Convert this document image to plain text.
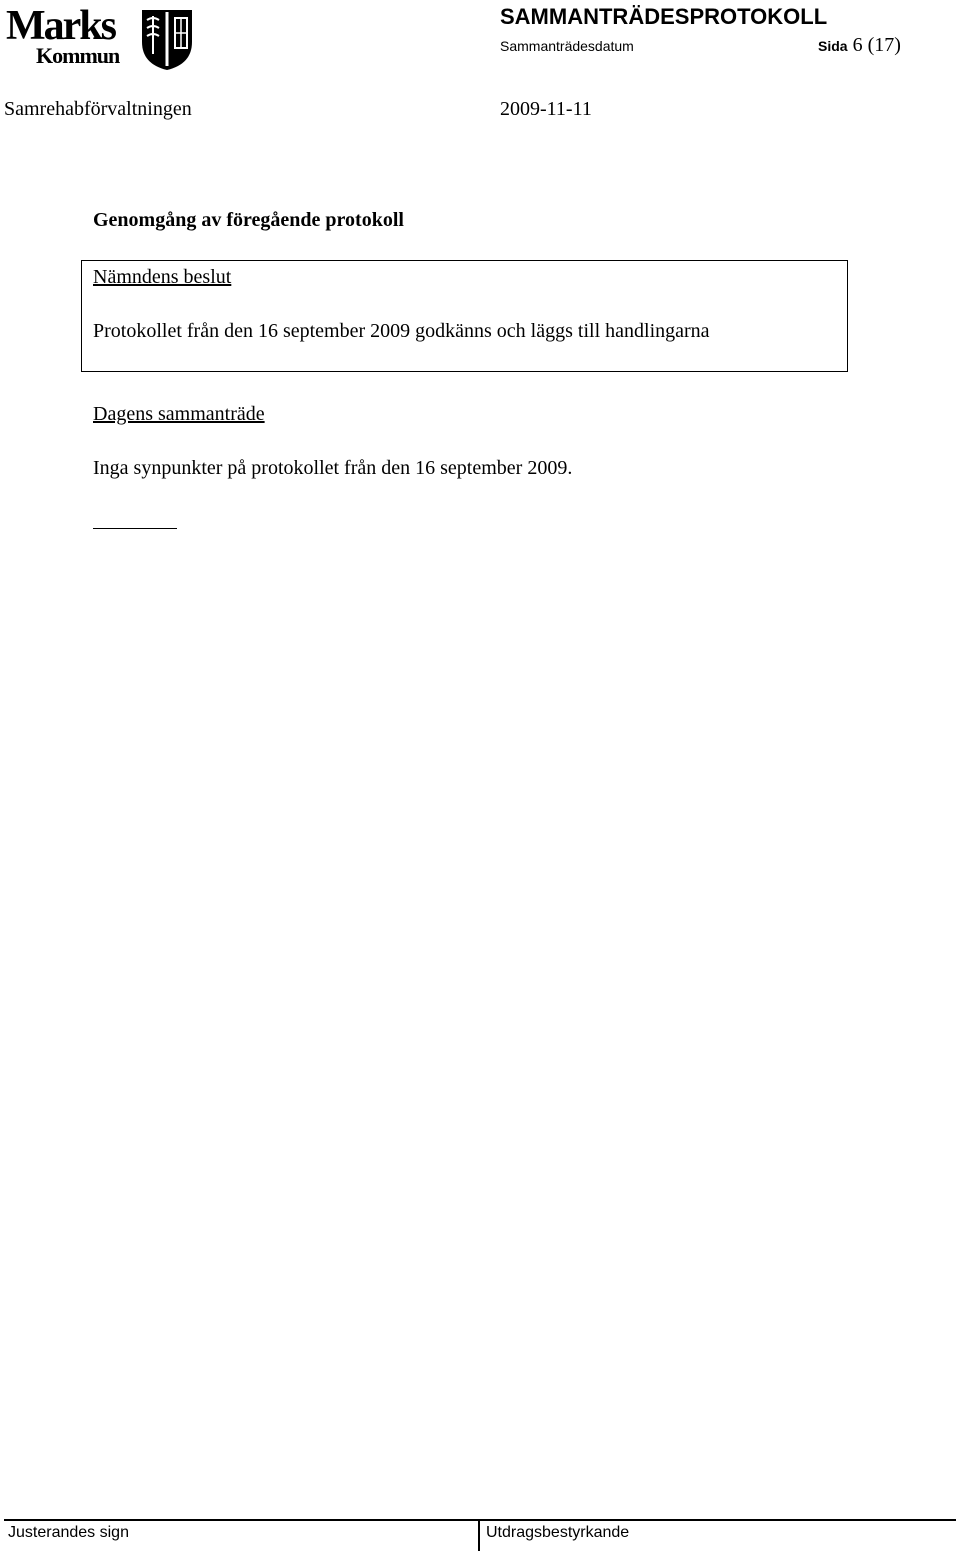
Marks
Kommun
SAMMANTRÄDESPROTOKOLL
Sammanträdesdatum	Sida 6 (17)
Samrehabförvaltningen	2009-11-11
Genomgång av föregående protokoll
Nämndens beslut
Protokollet från den 16 september 2009 godkänns och läggs till handlingarna
Dagens sammanträde
Inga synpunkter på protokollet från den 16 september 2009.
Justerandes sign	Utdragsbestyrkande
